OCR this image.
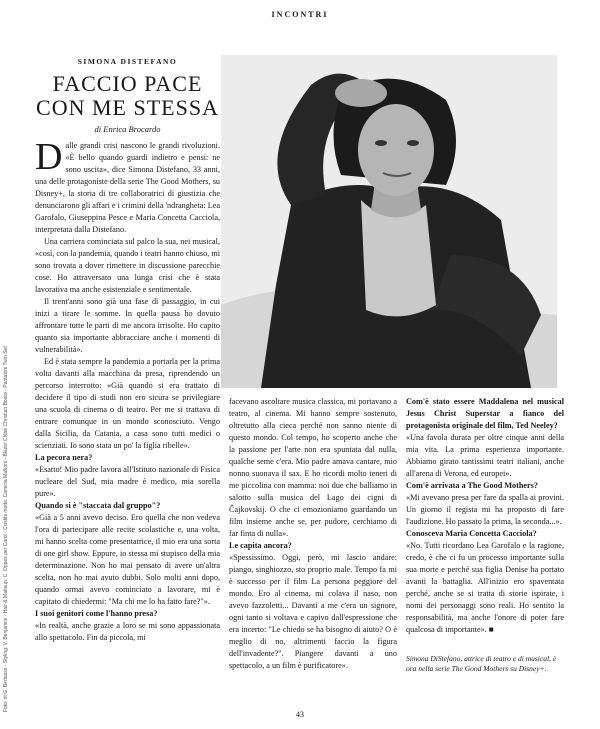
INCONTRI
SIMONA DISTEFANO
FACCIO PACE
CON ME STESSA
di Enrica Brocardo
Foto: di G. Bertasso - Styling: V. Benjamini - Hair & Makeup: C. Oppes per Carol - Credits moda: Camicia Mallioni - Blazer Chloé Christian Boaro - Pantaloni Twin Set

Dalle grandi crisi nascono le grandi rivoluzioni. «È bello quando guardi indietro e pensi: ne sono uscita», dice Simona Distefano, 33 anni, una delle protagoniste della serie The Good Mothers, su Disney+, la storia di tre collaboratrici di giustizia che denunciarono gli affari e i crimini della 'ndrangheta: Lea Garofalo, Giuseppina Pesce e Maria Concetta Cacciola, interpretata dalla Distefano.

Una carriera cominciata sul palco la sua, nei musical, «così, con la pandemia, quando i teatri hanno chiuso, mi sono trovata a dover rimettere in discussione parecchie cose. Ho attraversato una lunga crisi che è stata lavorativa ma anche esistenziale e sentimentale.

Il trent'anni sono già una fase di passaggio, in cui inizi a tirare le somme. In quella pausa ho dovuto affrontare tutte le parti di me ancora irrisolte. Ho capito quanto sia importante abbracciare anche i momenti di vulnerabilità».

Ed è stata sempre la pandemia a portarla per la prima volta davanti alla macchina da presa, riprendendo un percorso interrotto: «Già quando si era trattato di decidere il tipo di studi non ero sicura se privilegiare una scuola di cinema o di teatro. Per me si trattava di entrare comunque in un mondo sconosciuto. Vengo dalla Sicilia, da Catania, a casa sono tutti medici o scienziati. Io sono stata un po' la figlia ribelle».

La pecora nera?

«Esatto! Mio padre lavora all'Istituto nazionale di Fisica nucleare del Sud, mia madre è medico, mia sorella pure».

Quando si è "staccata dal gruppo"?

«Già a 5 anni avevo deciso. Ero quella che non vedeva l'ora di partecipare alle recite scolastiche e, una volta, mi hanno scelta come presentatrice, il mio era una sorta di one girl show. Eppure, io stessa mi stupisco della mia determinazione. Non ho mai pensato di avere un'altra scelta, non ho mai avuto dubbi. Solo molti anni dopo, quando ormai avevo cominciato a lavorare, mi è capitato di chiedermi: "Ma chi me lo ha fatto fare?"».

I suoi genitori come l'hanno presa?

«In realtà, anche grazie a loro se mi sono appassionata allo spettacolo. Fin da piccola, mi

facevano ascoltare musica classica, mi portavano a teatro, al cinema. Mi hanno sempre sostenuto, oltretutto alla cieca perché non sanno niente di questo mondo. Col tempo, ho scoperto anche che la passione per l'arte non era spuntata dal nulla, qualche seme c'era. Mio padre amava cantare, mio nonno suonava il sax. E ho ricordi molto teneri di me piccolina con mamma: noi due che balliamo in salotto sulla musica del Lago dei cigni di Čajkovskij. O che ci emozioniamo guardando un film insieme anche se, per pudore, cerchiamo di far finta di nulla».

Le capita ancora?

«Spessissimo. Oggi, però, mi lascio andare: piango, singhiozzo, sto proprio male. Tempo fa mi è successo per il film La persona peggiore del mondo. Ero al cinema, mi colava il naso, non avevo fazzoletti... Davanti a me c'era un signore, ogni tanto si voltava e capivo dall'espressione che era incerto: "Le chiedo se ha bisogno di aiuto? O è meglio di no, altrimenti faccio la figura dell'invadente?". Piangere davanti a uno spettacolo, a un film è purificatore».

Com'è stato essere Maddalena nel musical Jesus Christ Superstar a fianco del protagonista originale del film, Ted Neeley?

«Una favola durata per oltre cinque anni della mia vita. La prima esperienza importante. Abbiamo girato tantissimi teatri italiani, anche all'arena di Verona, ed europei».

Com'è arrivata a The Good Mothers?

«Mi avevano presa per fare da spalla ai provini. Un giorno il regista mi ha proposto di fare l'audizione. Ho passato la prima, la seconda...».

Conosceva Maria Concetta Cacciola?

«No. Tutti ricordano Lea Garofalo e la ragione, credo, è che ci fu un processo importante sulla sua morte e perché sua figlia Denise ha portato avanti la battaglia. All'inizio ero spaventata perché, anche se si tratta di storie ispirate, i nomi dei personaggi sono reali. Ho sentito la responsabilità, ma anche l'onore di poter fare qualcosa di importante». ■

Simona DiStefano, attrice di teatro e di musical, è ora nella serie The Good Mothers su Disney+.
43
